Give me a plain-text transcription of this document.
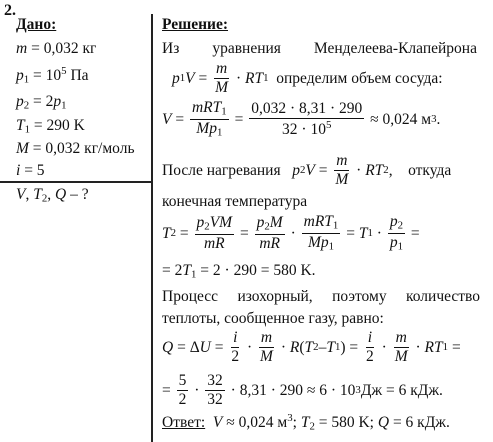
2.
Дано:
m = 0,032 кг
$p_1 = 10^5$ Па
$p_2 = 2p_1$
$T_1 = 290$ K
M = 0,032 кг/моль
i = 5
V, $T_2$, Q – ?
Решение:
Из уравнения Менделеева-Клапейрона
p 1 $V = \frac{m}{M}$ · RT 1
определим объем сосуда:
$V = \frac{mRT_1}{Mp_1} = \frac{0,032 \cdot 8,31 \cdot 290}{32 \cdot 10^5} \approx 0,024$ м 3 .
После нагревания
p 2 $V = \frac{m}{M}$ · RT 2 , откуда
конечная температура
T $2 = \frac{p_2VM}{mR} = \frac{p_2M}{mR} \cdot \frac{mRT_1}{Mp_1} = T$ $1 \cdot \frac{p_2}{p_1}$ =
= $2T_1 = 2 \cdot 290 = 580$ K.
Процесс изохорный, поэтому количество
теплоты, сообщенное газу, равно:
Q = Δ $U = \frac{i}{2} \cdot \frac{m}{M} \cdot R$ ( T 2 – T 1 ) = $\frac{i}{2} \cdot \frac{m}{M}$ · RT 1 =
= $\frac{5}{2} \cdot \frac{32}{32} \cdot 8,31 \cdot 290 \approx 6 \cdot 10$ 3 Дж = 6 кДж.
Ответ: V ≈ 0,024 $м^3$; $T_2 = 580$ K; Q = 6 кДж.
